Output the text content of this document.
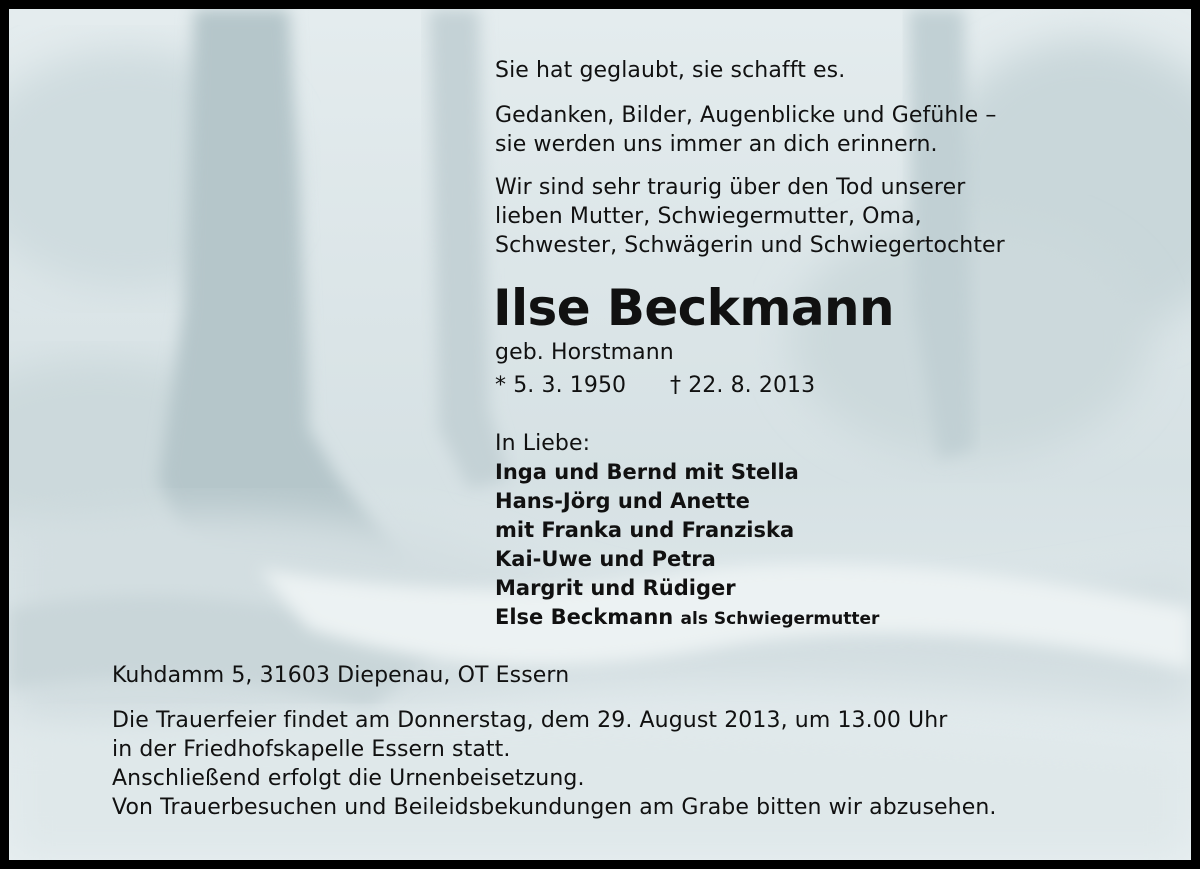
Sie hat geglaubt, sie schafft es.
Gedanken, Bilder, Augenblicke und Gefühle –
sie werden uns immer an dich erinnern.
Wir sind sehr traurig über den Tod unserer
lieben Mutter, Schwiegermutter, Oma,
Schwester, Schwägerin und Schwiegertochter
Ilse Beckmann
geb. Horstmann
* 5. 3. 1950 † 22. 8. 2013
In Liebe:
Inga und Bernd mit Stella
Hans-Jörg und Anette
mit Franka und Franziska
Kai-Uwe und Petra
Margrit und Rüdiger
Else Beckmann als Schwiegermutter
Kuhdamm 5, 31603 Diepenau, OT Essern
Die Trauerfeier findet am Donnerstag, dem 29. August 2013, um 13.00 Uhr
in der Friedhofskapelle Essern statt.
Anschließend erfolgt die Urnenbeisetzung.
Von Trauerbesuchen und Beileidsbekundungen am Grabe bitten wir abzusehen.
